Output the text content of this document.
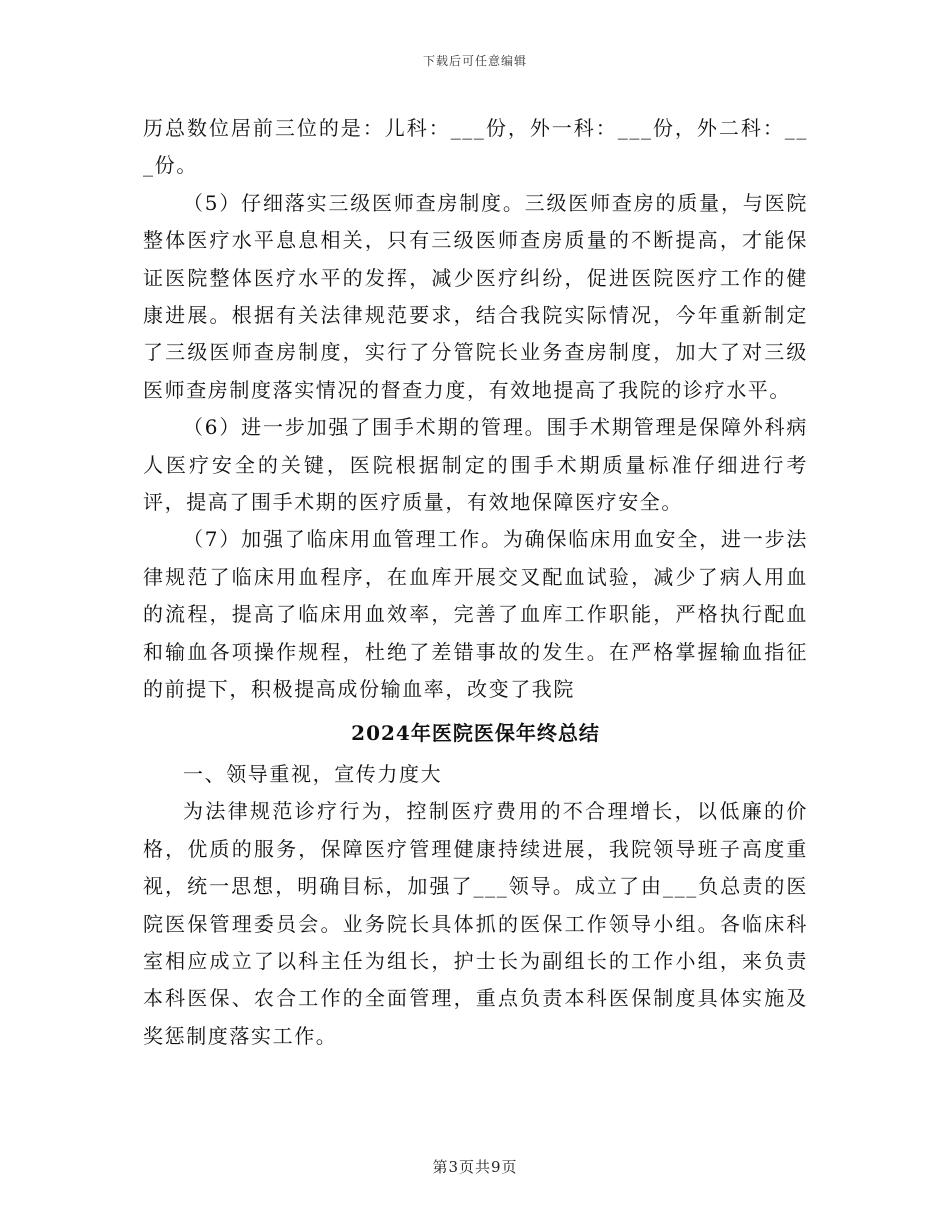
下载后可任意编辑

历总数位居前三位的是：儿科：___份，外一科：___份，外二科：___份。

（5）仔细落实三级医师查房制度。三级医师查房的质量，与医院整体医疗水平息息相关，只有三级医师查房质量的不断提高，才能保证医院整体医疗水平的发挥，减少医疗纠纷，促进医院医疗工作的健康进展。根据有关法律规范要求，结合我院实际情况，今年重新制定了三级医师查房制度，实行了分管院长业务查房制度，加大了对三级医师查房制度落实情况的督查力度，有效地提高了我院的诊疗水平。

（6）进一步加强了围手术期的管理。围手术期管理是保障外科病人医疗安全的关键，医院根据制定的围手术期质量标准仔细进行考评，提高了围手术期的医疗质量，有效地保障医疗安全。

（7）加强了临床用血管理工作。为确保临床用血安全，进一步法律规范了临床用血程序，在血库开展交叉配血试验，减少了病人用血的流程，提高了临床用血效率，完善了血库工作职能，严格执行配血和输血各项操作规程，杜绝了差错事故的发生。在严格掌握输血指征的前提下，积极提高成份输血率，改变了我院

2024年医院医保年终总结

一、领导重视，宣传力度大

为法律规范诊疗行为，控制医疗费用的不合理增长，以低廉的价格，优质的服务，保障医疗管理健康持续进展，我院领导班子高度重视，统一思想，明确目标，加强了___领导。成立了由___负总责的医院医保管理委员会。业务院长具体抓的医保工作领导小组。各临床科室相应成立了以科主任为组长，护士长为副组长的工作小组，来负责本科医保、农合工作的全面管理，重点负责本科医保制度具体实施及奖惩制度落实工作。

第3页共9页
